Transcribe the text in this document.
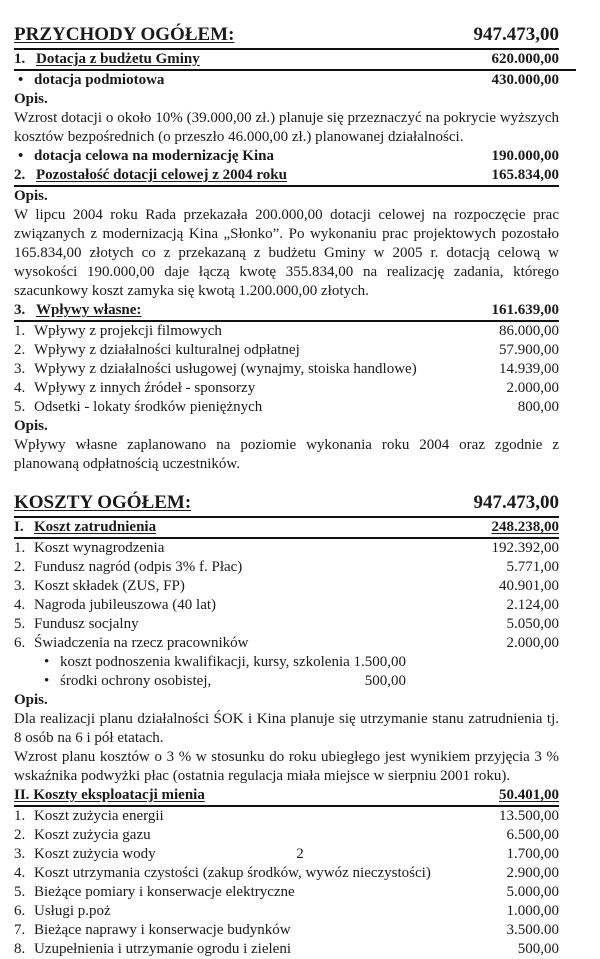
PRZYCHODY OGÓŁEM:	947.473,00
1. Dotacja z budżetu Gminy	620.000,00
• dotacja podmiotowa	430.000,00
Opis.
Wzrost dotacji o około 10% (39.000,00 zł.) planuje się przeznaczyć na pokrycie wyższych kosztów bezpośrednich (o przeszło 46.000,00 zł.) planowanej działalności.
• dotacja celowa na modernizację Kina	190.000,00
2. Pozostałość dotacji celowej z 2004 roku	165.834,00
Opis.
W lipcu 2004 roku Rada przekazała 200.000,00 dotacji celowej na rozpoczęcie prac związanych z modernizacją Kina „Słonko”. Po wykonaniu prac projektowych pozostało 165.834,00 złotych co z przekazaną z budżetu Gminy w 2005 r. dotacją celową w wysokości 190.000,00 daje łączą kwotę 355.834,00 na realizację zadania, którego szacunkowy koszt zamyka się kwotą 1.200.000,00 złotych.
3. Wpływy własne:	161.639,00
1. Wpływy z projekcji filmowych	86.000,00
2. Wpływy z działalności kulturalnej odpłatnej	57.900,00
3. Wpływy z działalności usługowej (wynajmy, stoiska handlowe)	14.939,00
4. Wpływy z innych źródeł - sponsorzy	2.000,00
5. Odsetki - lokaty środków pieniężnych	800,00
Opis.
Wpływy własne zaplanowano na poziomie wykonania roku 2004 oraz zgodnie z planowaną odpłatnością uczestników.
KOSZTY OGÓŁEM:	947.473,00
I. Koszt zatrudnienia	248.238,00
1. Koszt wynagrodzenia	192.392,00
2. Fundusz nagród (odpis 3% f. Płac)	5.771,00
3. Koszt składek (ZUS, FP)	40.901,00
4. Nagroda jubileuszowa (40 lat)	2.124,00
5. Fundusz socjalny	5.050,00
6. Świadczenia na rzecz pracowników	2.000,00
• koszt podnoszenia kwalifikacji, kursy, szkolenia 1.500,00
• środki ochrony osobistej,	500,00
Opis.
Dla realizacji planu działalności ŚOK i Kina planuje się utrzymanie stanu zatrudnienia tj. 8 osób na 6 i pół etatach.
Wzrost planu kosztów o 3 % w stosunku do roku ubiegłego jest wynikiem przyjęcia 3 % wskaźnika podwyżki płac (ostatnia regulacja miała miejsce w sierpniu 2001 roku).
II. Koszty eksploatacji mienia	50.401,00
1. Koszt zużycia energii	13.500,00
2. Koszt zużycia gazu	6.500,00
3. Koszt zużycia wody	1.700,00
4. Koszt utrzymania czystości (zakup środków, wywóz nieczystości)	2.900,00
5. Bieżące pomiary i konserwacje elektryczne	5.000,00
6. Usługi p.poż	1.000,00
7. Bieżące naprawy i konserwacje budynków	3.500.00
8. Uzupełnienia i utrzymanie ogrodu i zieleni	500,00
2
